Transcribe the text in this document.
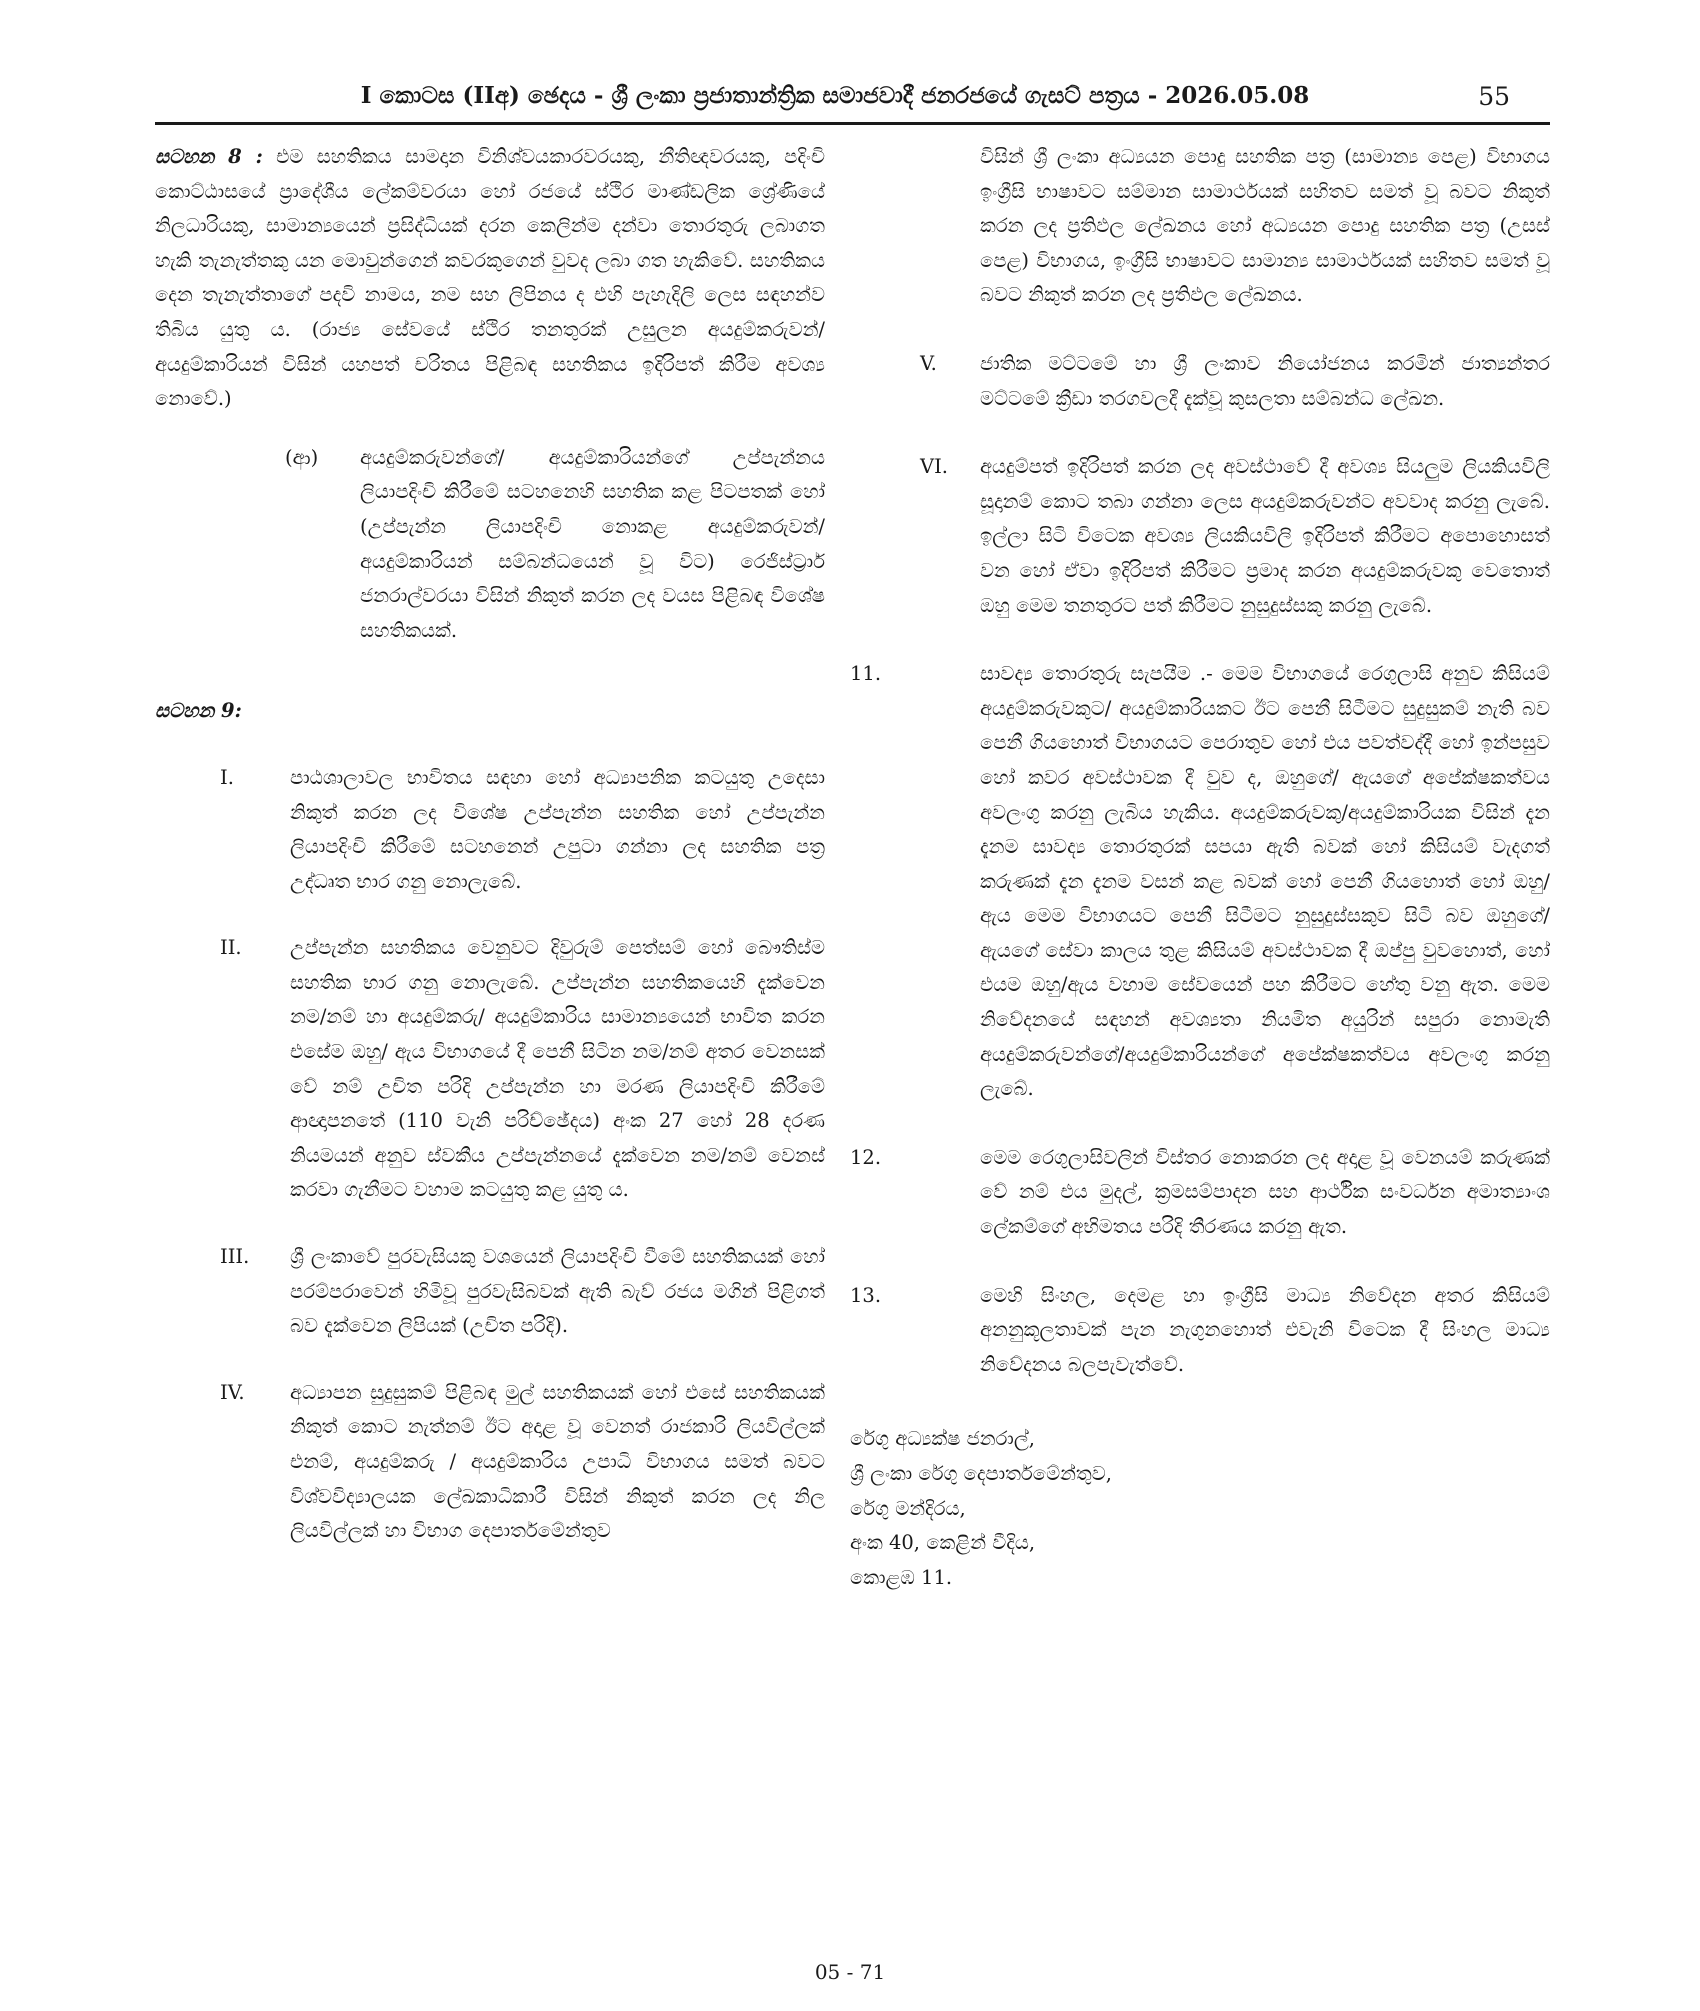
I කොටස (IIඅ) ඡෙදය - ශ්‍රී ලංකා ප්‍රජාතාන්ත්‍රික සමාජවාදී ජනරජයේ ගැසට් පත්‍රය - 2026.05.08	55

සටහන 8 : එම සහතිකය සාමදාන විනිශ්වයකාරවරයකු, නීතිඥවරයකු, පදිංචි කොට්ඨාසයේ ප්‍රාදේශීය ලේකම්වරයා හෝ රජයේ ස්ථිර මාණ්ඩලික ශ්‍රේණියේ නිලධාරියකු, සාමාන්‍යයෙන් ප්‍රසිද්ධියක් දරන කෙලින්ම දන්වා තොරතුරු ලබාගත හැකි තැනැත්තකු යන මොවුන්ගෙන් කවරකුගෙන් වුවද ලබා ගත හැකිවේ. සහතිකය දෙන තැනැත්තාගේ පදවි නාමය, නම සහ ලිපිනය ද එහි පැහැදිලි ලෙස සඳහන්ව තිබිය යුතු ය. (රාජ්‍ය සේවයේ ස්ථිර තනතුරක් උසුලන අයදුම්කරුවන්/ අයදුම්කාරියන් විසින් යහපත් චරිතය පිළිබඳ සහතිකය ඉදිරිපත් කිරීම අවශ්‍ය නොවේ.)

(ආ)	අයදුම්කරුවන්ගේ/ අයදුම්කාරියන්ගේ උප්පැන්නය ලියාපදිංචි කිරීමේ සටහනෙහි සහතික කළ පිටපතක් හෝ (උප්පැන්න ලියාපදිංචි නොකළ අයදුම්කරුවන්/ අයදුම්කාරියන් සම්බන්ධයෙන් වූ විට) රෙජිස්ට්‍රාර් ජනරාල්වරයා විසින් නිකුත් කරන ලද වයස පිළිබඳ විශේෂ සහතිකයක්.
සටහන 9:
I.	පාඨශාලාවල භාවිතය සඳහා හෝ අධ්‍යාපනික කටයුතු උදෙසා නිකුත් කරන ලද විශේෂ උප්පැන්න සහතික හෝ උප්පැන්න ලියාපදිංචි කිරීමේ සටහනෙන් උපුටා ගන්නා ලද සහතික පත්‍ර උද්ධෘත භාර ගනු නොලැබේ.
II.	උප්පැන්න සහතිකය වෙනුවට දිවුරුම් පෙත්සම් හෝ බෞතිස්ම සහතික භාර ගනු නොලැබේ. උප්පැන්න සහතිකයෙහි දැක්වෙන නම/නම් හා අයදුම්කරු/ අයදුම්කාරිය සාමාන්‍යයෙන් භාවිත කරන එසේම ඔහු/ ඇය විභාගයේ දී පෙනී සිටින නම/නම් අතර වෙනසක් වේ නම් උචිත පරිදි උප්පැන්න හා මරණ ලියාපදිංචි කිරීමේ ආඥාපනතේ (110 වැනි පරිච්ඡේදය) අංක 27 හෝ 28 දරණ නියමයන් අනුව ස්වකීය උප්පැන්නයේ දැක්වෙන නම/නම් වෙනස් කරවා ගැනීමට වහාම කටයුතු කළ යුතු ය.
III.	ශ්‍රී ලංකාවේ පුරවැසියකු වශයෙන් ලියාපදිංචි වීමේ සහතිකයක් හෝ පරම්පරාවෙන් හිමිවූ පුරවැසිබවක් ඇති බැව් රජය මගින් පිළිගත් බව දැක්වෙන ලිපියක් (උචිත පරිදි).
IV.	අධ්‍යාපන සුදුසුකම් පිළිබඳ මුල් සහතිකයක් හෝ එසේ සහතිකයක් නිකුත් කොට නැත්නම් ඊට අදාළ වූ වෙනත් රාජකාරි ලියවිල්ලක් එනම්, අයදුම්කරු / අයදුම්කාරිය උපාධි විභාගය සමත් බවට විශ්වවිද්‍යාලයක ලේඛකාධිකාරී විසින් නිකුත් කරන ලද නිල ලියවිල්ලක් හා විභාග දෙපාර්තමේන්තුව
විසින් ශ්‍රී ලංකා අධ්‍යයන පොදු සහතික පත්‍ර (සාමාන්‍ය පෙළ) විභාගය ඉංග්‍රීසි භාෂාවට සම්මාන සාමාර්ථයක් සහිතව සමත් වූ බවට නිකුත් කරන ලද ප්‍රතිඵල ලේඛනය හෝ අධ්‍යයන පොදු සහතික පත්‍ර (උසස් පෙළ) විභාගය, ඉංග්‍රීසි භාෂාවට සාමාන්‍ය සාමාර්ථයක් සහිතව සමත් වූ බවට නිකුත් කරන ලද ප්‍රතිඵල ලේඛනය.
V.	ජාතික මට්ටමේ හා ශ්‍රී ලංකාව නියෝජනය කරමින් ජාත්‍යන්තර මට්ටමේ ක්‍රීඩා තරගවලදී දැක්වූ කුසලතා සම්බන්ධ ලේඛන.
VI.	අයදුම්පත් ඉදිරිපත් කරන ලද අවස්ථාවේ දී අවශ්‍ය සියලුම ලියකියවිලි සූදානම් කොට තබා ගන්නා ලෙස අයදුම්කරුවන්ට අවවාද කරනු ලැබේ. ඉල්ලා සිටි විටෙක අවශ්‍ය ලියකියවිලි ඉදිරිපත් කිරීමට අපොහොසත් වන හෝ ඒවා ඉදිරිපත් කිරීමට ප්‍රමාද කරන අයදුම්කරුවකු වෙතොත් ඔහු මෙම තනතුරට පත් කිරීමට නුසුදුස්සකු කරනු ලැබේ.
11.	සාවද්‍ය තොරතුරු සැපයීම .- මෙම විභාගයේ රෙගුලාසි අනුව කිසියම් අයදුම්කරුවකුට/ අයදුම්කාරියකට ඊට පෙනී සිටීමට සුදුසුකම් නැති බව පෙනී ගියහොත් විභාගයට පෙරාතුව හෝ එය පවත්වද්දී හෝ ඉන්පසුව හෝ කවර අවස්ථාවක දී වුව ද, ඔහුගේ/ ඇයගේ අපේක්ෂකත්වය අවලංගු කරනු ලැබිය හැකිය. අයදුම්කරුවකු/අයදුම්කාරියක විසින් දැන දැනම සාවද්‍ය තොරතුරක් සපයා ඇති බවක් හෝ කිසියම් වැදගත් කරුණක් දැන දැනම වසන් කළ බවක් හෝ පෙනී ගියහොත් හෝ ඔහු/ඇය මෙම විභාගයට පෙනී සිටීමට නුසුදුස්සකුව සිටි බව ඔහුගේ/ඇයගේ සේවා කාලය තුළ කිසියම් අවස්ථාවක දී ඔප්පු වුවහොත්, හෝ එයම ඔහු/ඇය වහාම සේවයෙන් පහ කිරීමට හේතු වනු ඇත. මෙම නිවේදනයේ සඳහන් අවශ්‍යතා නියමිත අයුරින් සපුරා නොමැති අයදුම්කරුවන්ගේ/අයදුම්කාරියන්ගේ අපේක්ෂකත්වය අවලංගු කරනු ලැබේ.
12.	මෙම රෙගුලාසිවලින් විස්තර නොකරන ලද අදාළ වූ වෙනයම් කරුණක් වේ නම් එය මුදල්, ක්‍රමසම්පාදන සහ ආර්ථික සංවර්ධන අමාත්‍යාංශ ලේකම්ගේ අභිමතය පරිදි තීරණය කරනු ඇත.
13.	මෙහි සිංහල, දෙමළ හා ඉංග්‍රීසි මාධ්‍ය නිවේදන අතර කිසියම් අනනුකූලතාවක් පැන නැගුනහොත් එවැනි විටෙක දී සිංහල මාධ්‍ය නිවේදනය බලපැවැත්වේ.
රේගු අධ්‍යක්ෂ ජනරාල්,
ශ්‍රී ලංකා රේගු දෙපාර්තමේන්තුව,
රේගු මන්දිරය,
අංක 40, කෙළින් වීදිය,
කොළඹ 11.
05 - 71
